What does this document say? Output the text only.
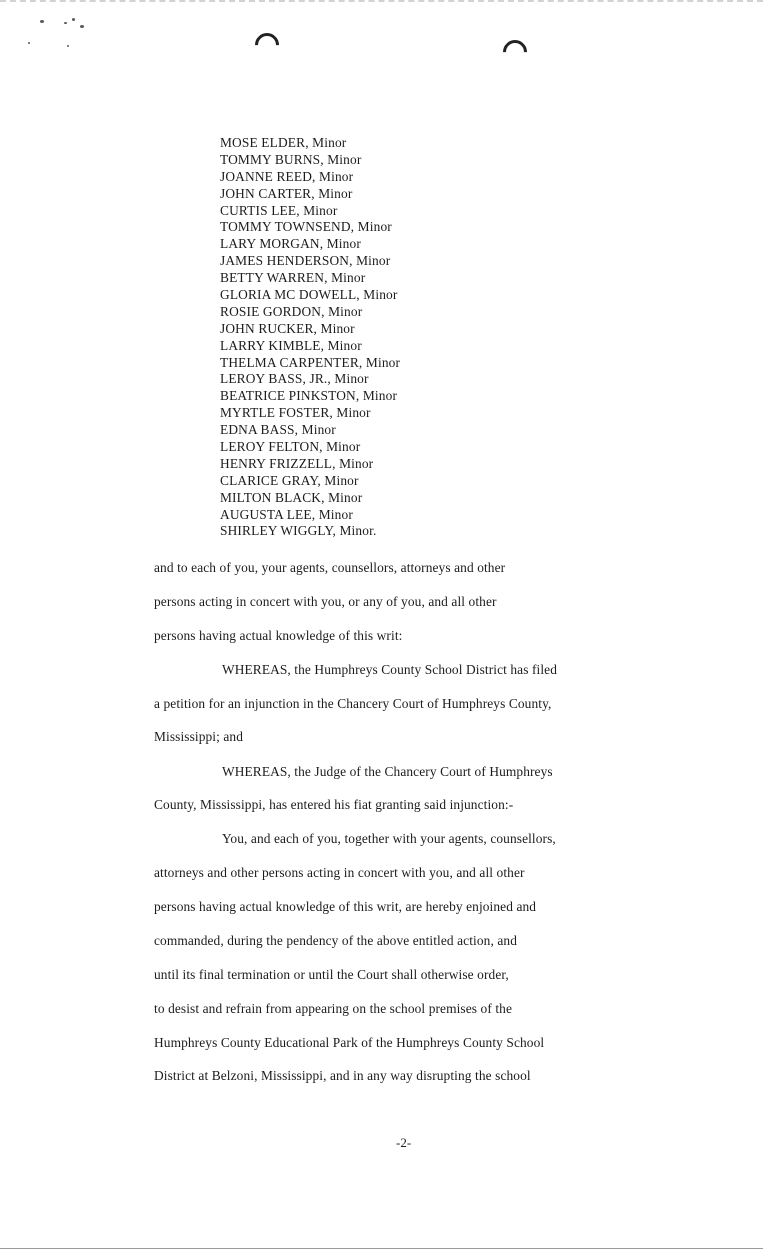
MOSE ELDER, Minor
TOMMY BURNS, Minor
JOANNE REED, Minor
JOHN CARTER, Minor
CURTIS LEE, Minor
TOMMY TOWNSEND, Minor
LARY MORGAN, Minor
JAMES HENDERSON, Minor
BETTY WARREN, Minor
GLORIA MC DOWELL, Minor
ROSIE GORDON, Minor
JOHN RUCKER, Minor
LARRY KIMBLE, Minor
THELMA CARPENTER, Minor
LEROY BASS, JR., Minor
BEATRICE PINKSTON, Minor
MYRTLE FOSTER, Minor
EDNA BASS, Minor
LEROY FELTON, Minor
HENRY FRIZZELL, Minor
CLARICE GRAY, Minor
MILTON BLACK, Minor
AUGUSTA LEE, Minor
SHIRLEY WIGGLY, Minor.

and to each of you, your agents, counsellors, attorneys and other

persons acting in concert with you, or any of you, and all other

persons having actual knowledge of this writ:

WHEREAS, the Humphreys County School District has filed

a petition for an injunction in the Chancery Court of Humphreys County,

Mississippi; and

WHEREAS, the Judge of the Chancery Court of Humphreys

County, Mississippi, has entered his fiat granting said injunction:-

You, and each of you, together with your agents, counsellors,

attorneys and other persons acting in concert with you, and all other

persons having actual knowledge of this writ, are hereby enjoined and

commanded, during the pendency of the above entitled action, and

until its final termination or until the Court shall otherwise order,

to desist and refrain from appearing on the school premises of the

Humphreys County Educational Park of the Humphreys County School

District at Belzoni, Mississippi, and in any way disrupting the school

-2-
